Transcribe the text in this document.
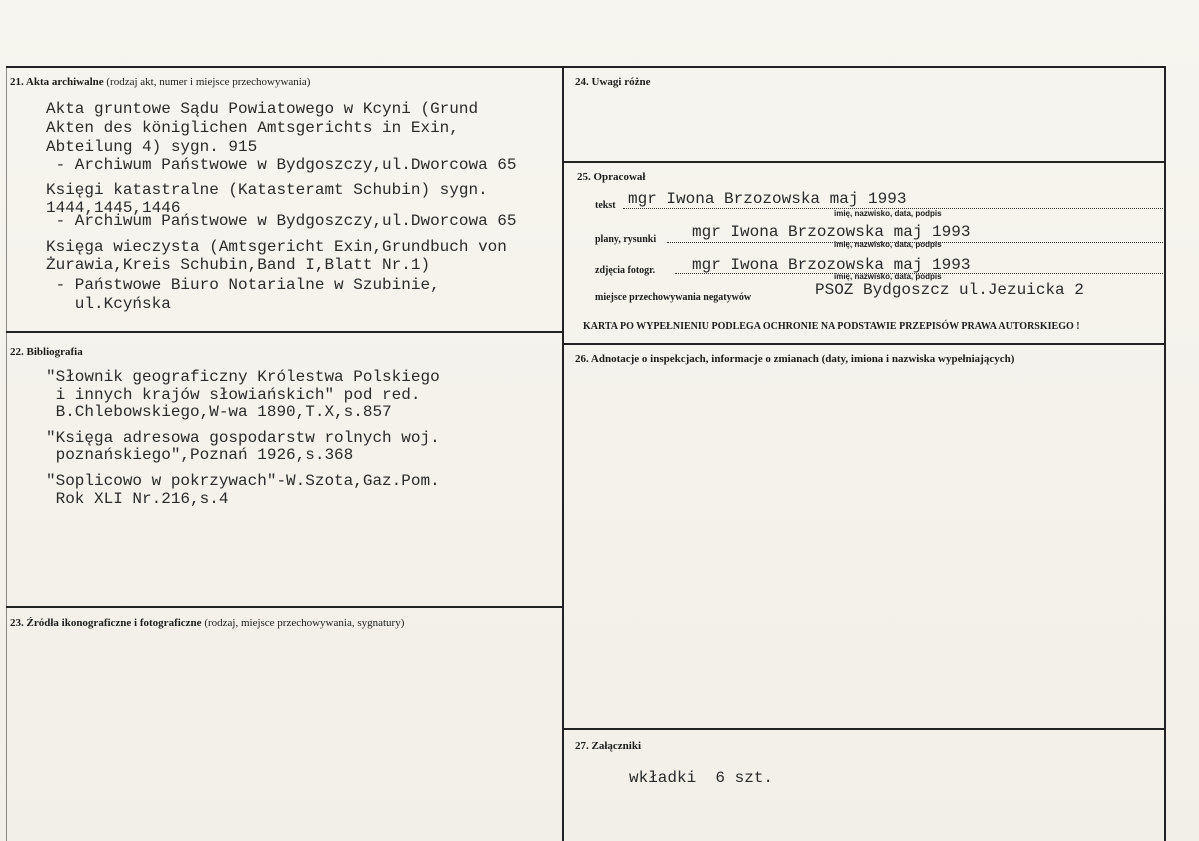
21. Akta archiwalne (rodzaj akt, numer i miejsce przechowywania)
Akta gruntowe Sądu Powiatowego w Kcyni (Grund
Akten des königlichen Amtsgerichts in Exin,
Abteilung 4) sygn. 915
- Archiwum Państwowe w Bydgoszczy,ul.Dworcowa 65
Księgi katastralne (Katasteramt Schubin) sygn.
1444,1445,1446
- Archiwum Państwowe w Bydgoszczy,ul.Dworcowa 65
Księga wieczysta (Amtsgericht Exin,Grundbuch von
Żurawia,Kreis Schubin,Band I,Blatt Nr.1)
- Państwowe Biuro Notarialne w Szubinie,
ul.Kcyńska
22. Bibliografia
"Słownik geograficzny Królestwa Polskiego
i innych krajów słowiańskich" pod red.
B.Chlebowskiego,W-wa 1890,T.X,s.857
"Księga adresowa gospodarstw rolnych woj.
poznańskiego",Poznań 1926,s.368
"Soplicowo w pokrzywach"-W.Szota,Gaz.Pom.
Rok XLI Nr.216,s.4
23. Źródła ikonograficzne i fotograficzne (rodzaj, miejsce przechowywania, sygnatury)
24. Uwagi różne
25. Opracował
tekst mgr Iwona Brzozowska maj 1993
imię, nazwisko, data, podpis
plany, rysunki mgr Iwona Brzozowska maj 1993
imię, nazwisko, data, podpis
zdjęcia fotogr. mgr Iwona Brzozowska maj 1993
imię, nazwisko, data, podpis
miejsce przechowywania negatywów	PSOZ Bydgoszcz ul.Jezuicka 2
KARTA PO WYPEŁNIENIU PODLEGA OCHRONIE NA PODSTAWIE PRZEPISÓW PRAWA AUTORSKIEGO !
26. Adnotacje o inspekcjach, informacje o zmianach (daty, imiona i nazwiska wypełniających)
27. Załączniki
wkładki  6 szt.
